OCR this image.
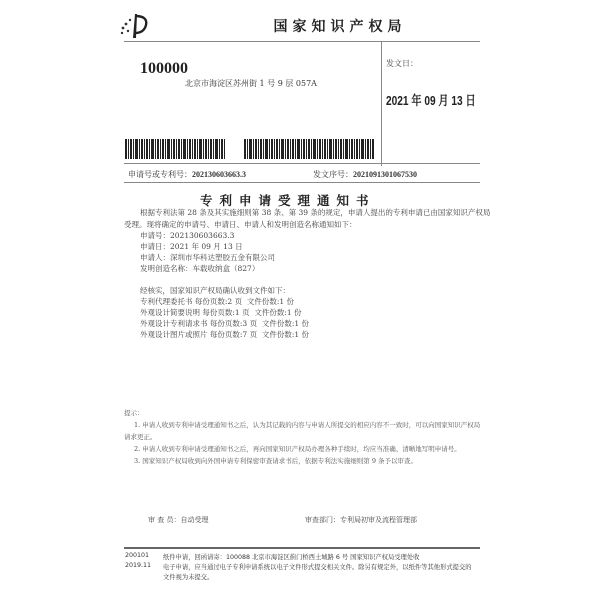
国家知识产权局
100000
北京市海淀区苏州街 1 号 9 层 057A
发文日：
2021 年 09 月 13 日
申请号或专利号：202130603663.3	发文序号：2021091301067530
专利申请受理通知书
根据专利法第 28 条及其实施细则第 38 条、第 39 条的规定，申请人提出的专利申请已由国家知识产权局
受理。现将确定的申请号、申请日、申请人和发明创造名称通知如下：
申请号：202130603663.3
申请日：2021 年 09 月 13 日
申请人：深圳市华科达塑胶五金有限公司
发明创造名称：车载收纳盒（827）
经核实，国家知识产权局确认收到文件如下：
专利代理委托书 每份页数:2 页 文件份数:1 份
外观设计简要说明 每份页数:1 页 文件份数:1 份
外观设计专利请求书 每份页数:3 页 文件份数:1 份
外观设计图片或照片 每份页数:7 页 文件份数:1 份
提示：
1. 申请人收到专利申请受理通知书之后，认为其记载的内容与申请人所提交的相应内容不一致时，可以向国家知识产权局
请求更正。
2. 申请人收到专利申请受理通知书之后，再向国家知识产权局办理各种手续时，均应当准确、清晰地写明申请号。
3. 国家知识产权局收到向外国申请专利保密审查请求书后，依据专利法实施细则第 9 条予以审查。
审 查 员：自动受理	审查部门：专利局初审及流程管理部
200101
2019.11
纸件申请，回函请寄：100088 北京市海淀区蓟门桥西土城路 6 号 国家知识产权局受理处收
电子申请，应当通过电子专利申请系统以电子文件形式提交相关文件。除另有规定外，以纸件等其他形式提交的
文件视为未提交。
